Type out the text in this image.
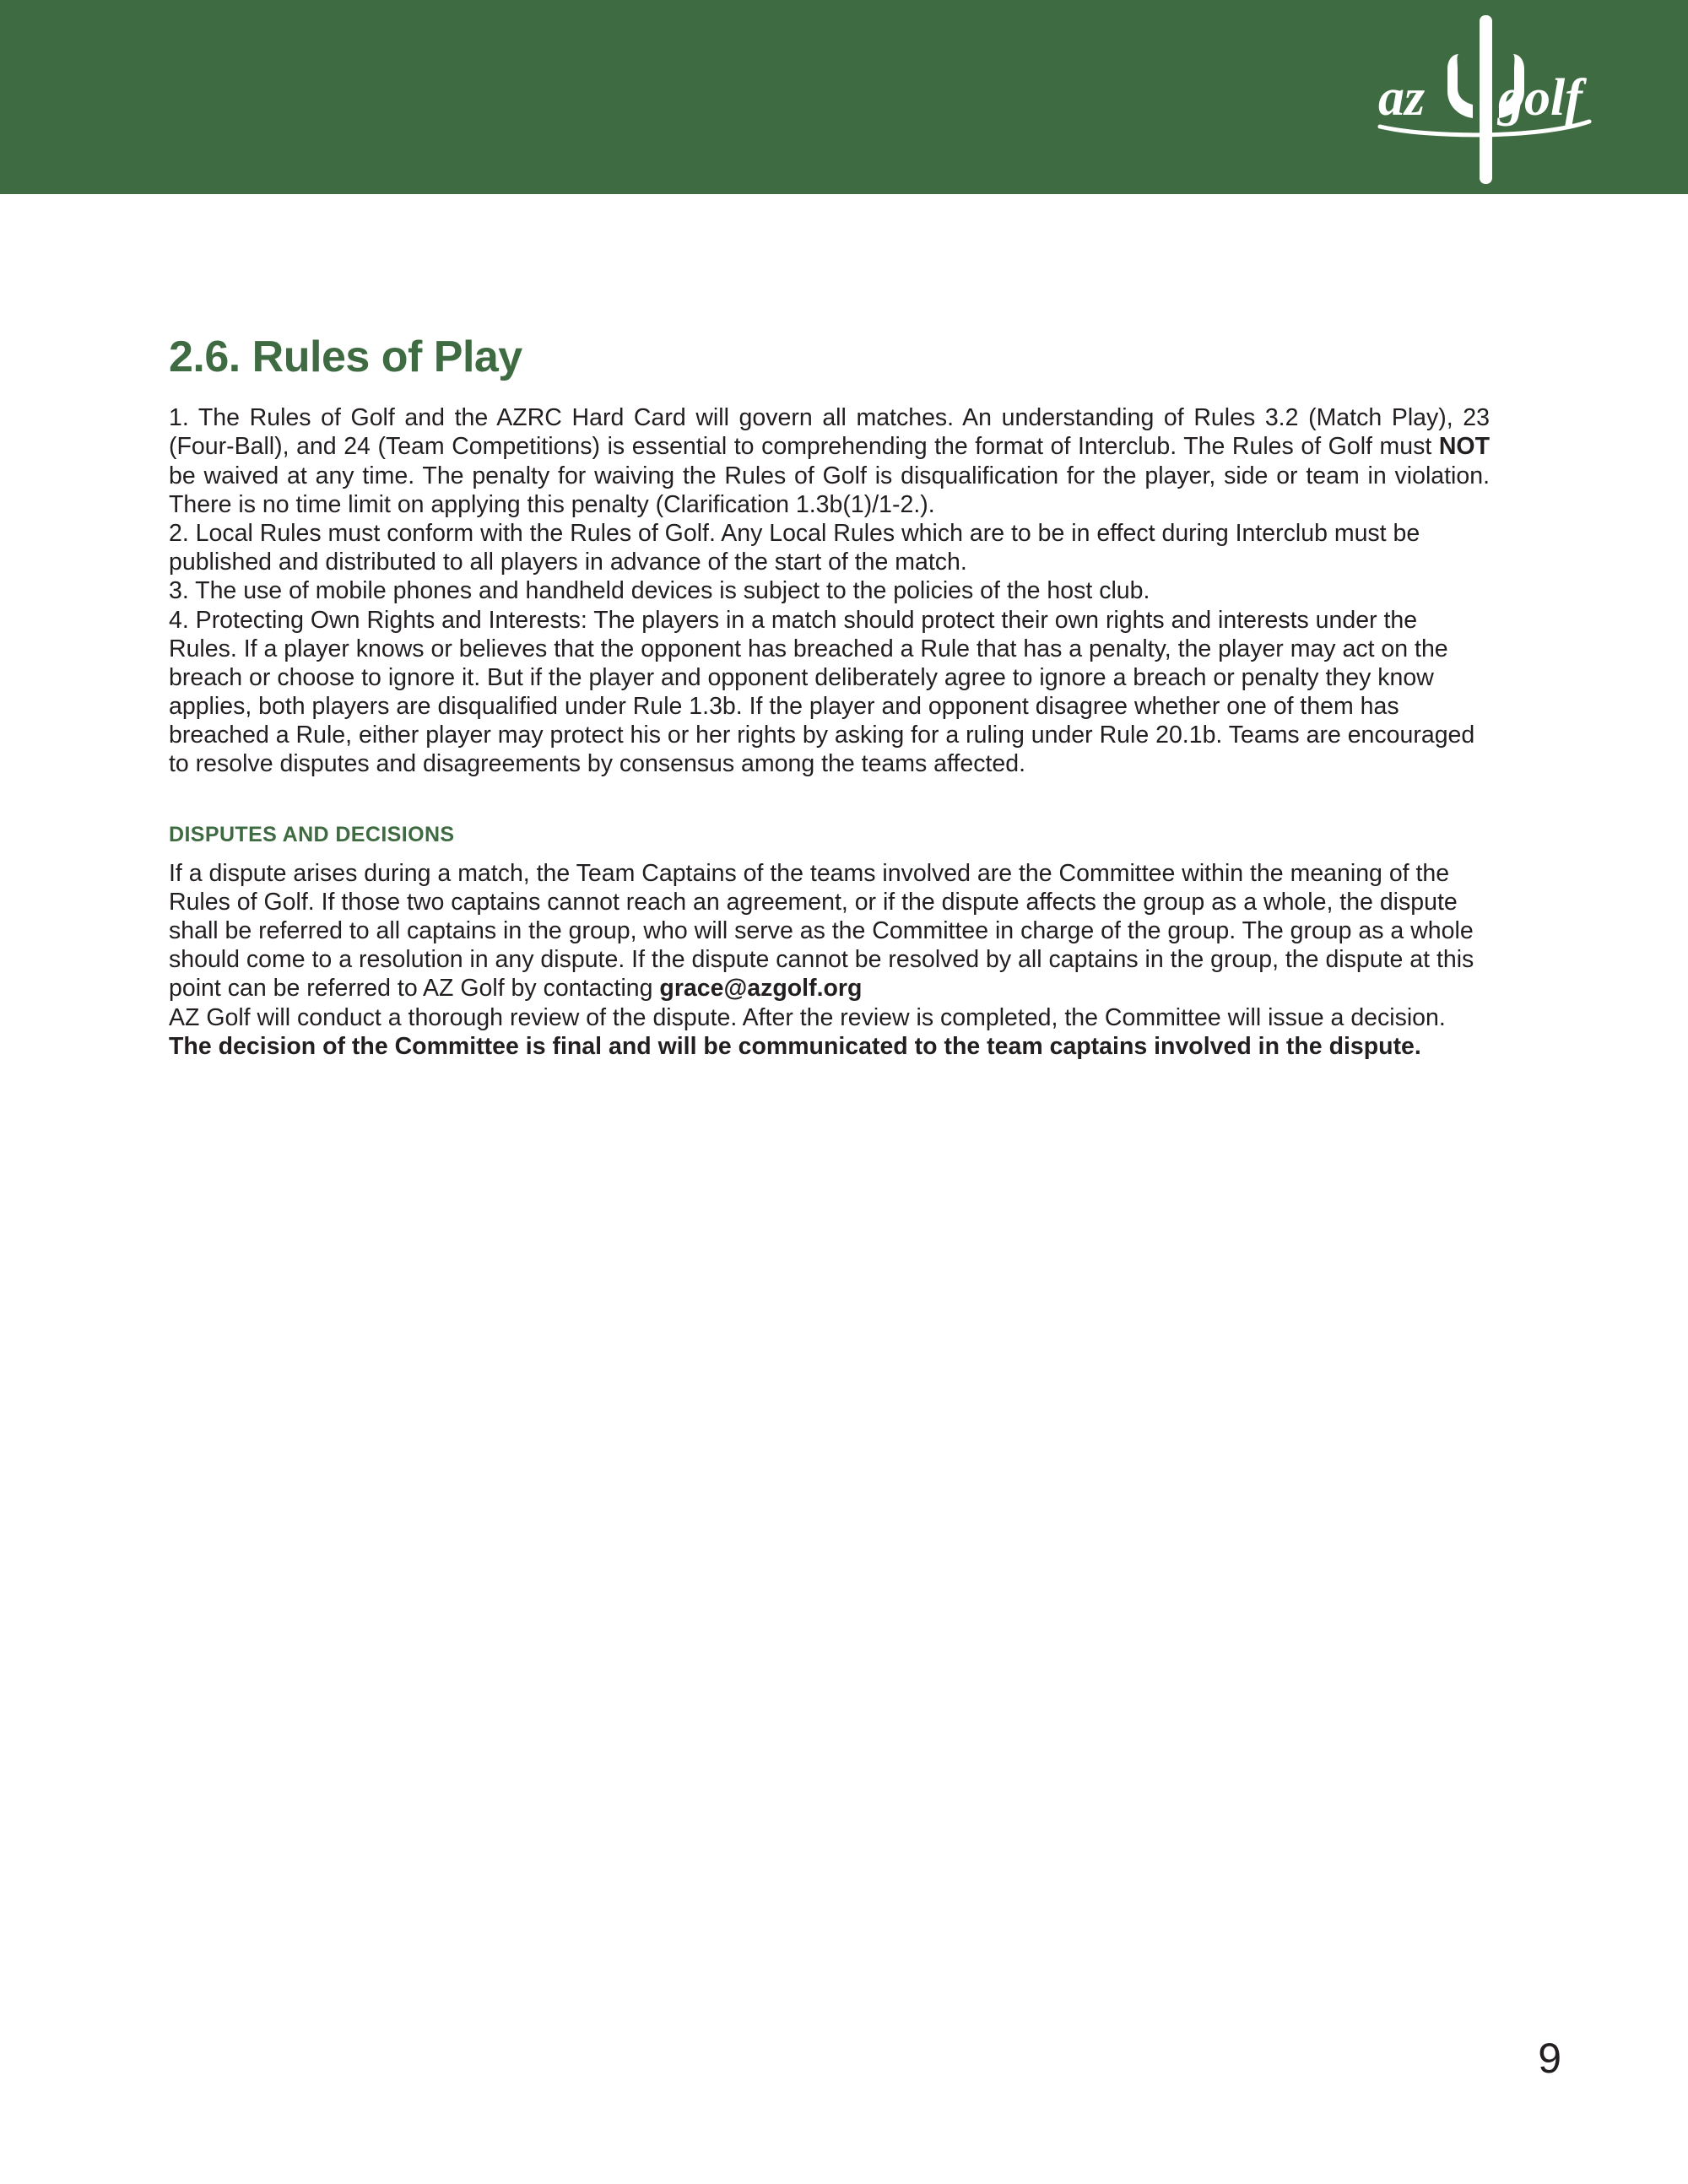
az golf
2.6. Rules of Play

1. The Rules of Golf and the AZRC Hard Card will govern all matches. An understanding of Rules 3.2 (Match Play), 23 (Four-Ball), and 24 (Team Competitions) is essential to comprehending the format of Interclub. The Rules of Golf must NOT be waived at any time. The penalty for waiving the Rules of Golf is disqualification for the player, side or team in violation. There is no time limit on applying this penalty (Clarification 1.3b(1)/1-2.).

2. Local Rules must conform with the Rules of Golf. Any Local Rules which are to be in effect during Interclub must be published and distributed to all players in advance of the start of the match.

3. The use of mobile phones and handheld devices is subject to the policies of the host club.

4. Protecting Own Rights and Interests: The players in a match should protect their own rights and interests under the Rules. If a player knows or believes that the opponent has breached a Rule that has a penalty, the player may act on the breach or choose to ignore it. But if the player and opponent deliberately agree to ignore a breach or penalty they know applies, both players are disqualified under Rule 1.3b. If the player and opponent disagree whether one of them has breached a Rule, either player may protect his or her rights by asking for a ruling under Rule 20.1b. Teams are encouraged to resolve disputes and disagreements by consensus among the teams affected.

DISPUTES AND DECISIONS

If a dispute arises during a match, the Team Captains of the teams involved are the Committee within the meaning of the Rules of Golf. If those two captains cannot reach an agreement, or if the dispute affects the group as a whole, the dispute shall be referred to all captains in the group, who will serve as the Committee in charge of the group. The group as a whole should come to a resolution in any dispute. If the dispute cannot be resolved by all captains in the group, the dispute at this point can be referred to AZ Golf by contacting grace@azgolf.org

AZ Golf will conduct a thorough review of the dispute. After the review is completed, the Committee will issue a decision. The decision of the Committee is final and will be communicated to the team captains involved in the dispute.

9
